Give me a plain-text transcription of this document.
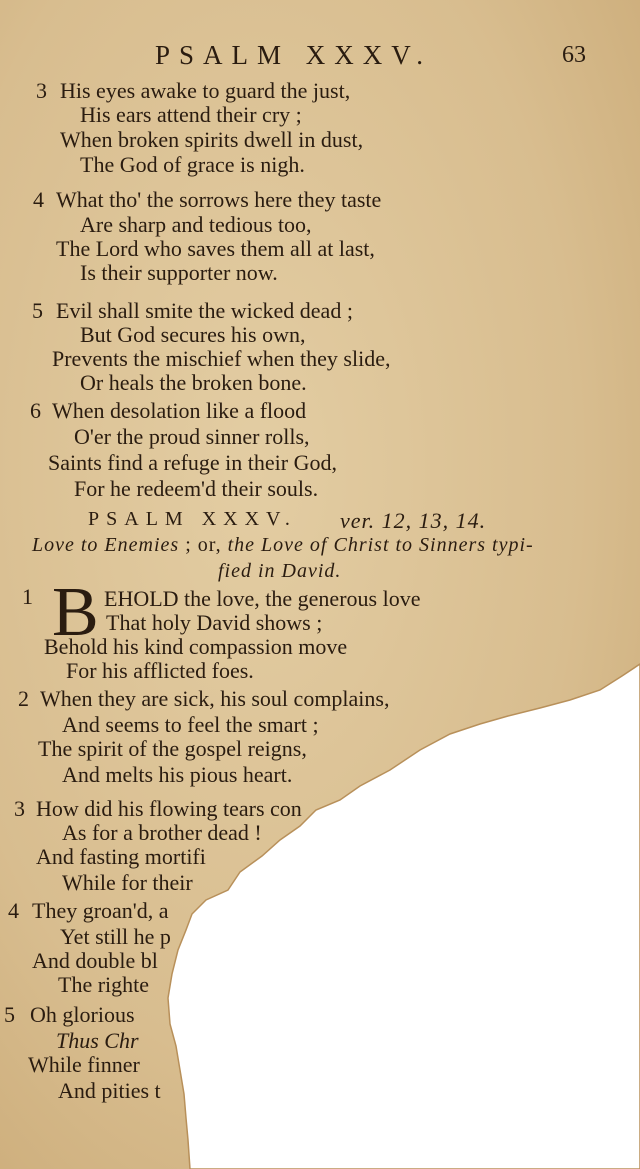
PSALM XXXV.	63
3 His eyes awake to guard the just,
His ears attend their cry ;
When broken spirits dwell in dust,
The God of grace is nigh.
4 What tho' the sorrows here they taste
Are sharp and tedious too,
The Lord who saves them all at last,
Is their supporter now.
5 Evil shall smite the wicked dead ;
But God secures his own,
Prevents the mischief when they slide,
Or heals the broken bone.
6 When desolation like a flood
O'er the proud sinner rolls,
Saints find a refuge in their God,
For he redeem'd their souls.
PSALM XXXV. ver. 12, 13, 14.
Love to Enemies ; or, the Love of Christ to Sinners typi-
fied in David.
1 B EHOLD the love, the generous love
That holy David shows ;
Behold his kind compassion move
For his afflicted foes.
2 When they are sick, his soul complains,
And seems to feel the smart ;
The spirit of the gospel reigns,
And melts his pious heart.
3 How did his flowing tears con
As for a brother dead !
And fasting mortifi
While for their
4 They groan'd, a
Yet still he p
And double bl
The righte
5 Oh glorious
Thus Chr
While finner
And pities t
